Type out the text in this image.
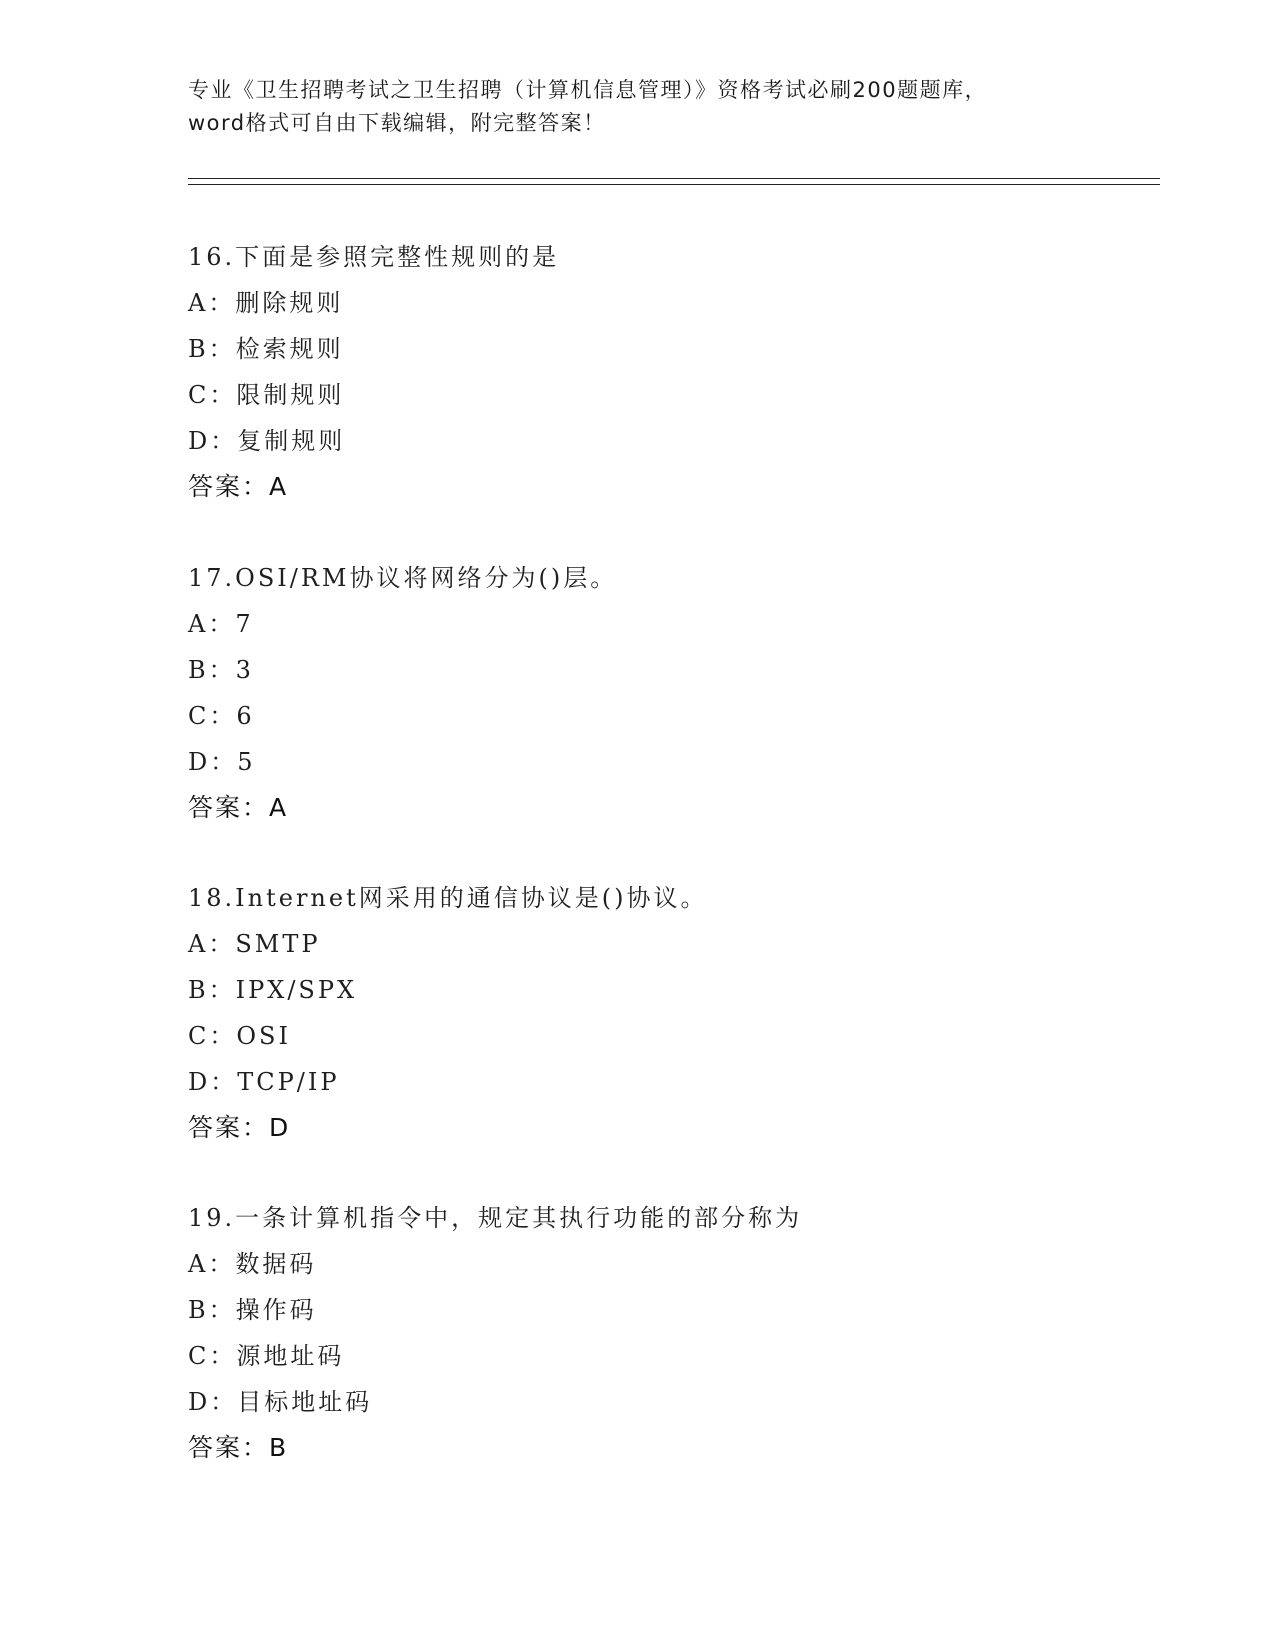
专业《卫生招聘考试之卫生招聘（计算机信息管理）》资格考试必刷200题题库，

word格式可自由下载编辑，附完整答案！

16.下面是参照完整性规则的是

A：删除规则

B：检索规则

C：限制规则

D：复制规则

答案：A

17.OSI/RM协议将网络分为()层。

A：7

B：3

C：6

D：5

答案：A

18.Internet网采用的通信协议是()协议。

A：SMTP

B：IPX/SPX

C：OSI

D：TCP/IP

答案：D

19.一条计算机指令中，规定其执行功能的部分称为

A：数据码

B：操作码

C：源地址码

D：目标地址码

答案：B
